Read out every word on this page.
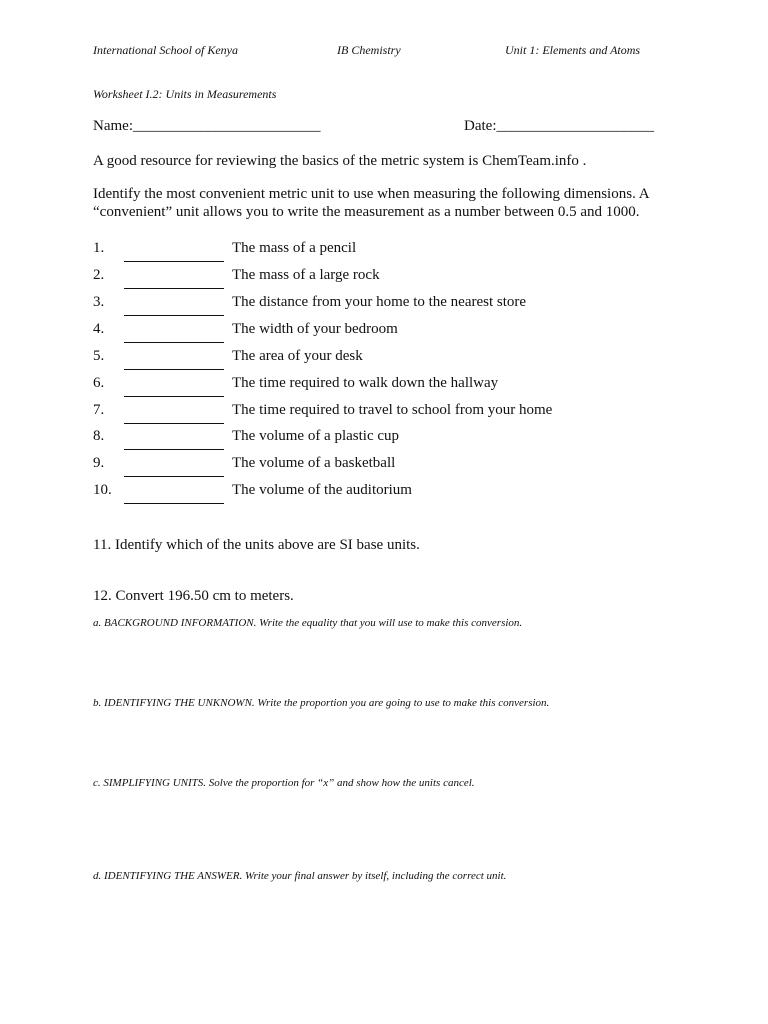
International School of Kenya	IB Chemistry	Unit 1: Elements and Atoms
Worksheet I.2: Units in Measurements
Name:_________________________	Date:_____________________
A good resource for reviewing the basics of the metric system is ChemTeam.info .
Identify the most convenient metric unit to use when measuring the following dimensions. A
“convenient” unit allows you to write the measurement as a number between 0.5 and 1000.
1.	The mass of a pencil
2.	The mass of a large rock
3.	The distance from your home to the nearest store
4.	The width of your bedroom
5.	The area of your desk
6.	The time required to walk down the hallway
7.	The time required to travel to school from your home
8.	The volume of a plastic cup
9.	The volume of a basketball
10.	The volume of the auditorium
11. Identify which of the units above are SI base units.
12. Convert 196.50 cm to meters.
a. BACKGROUND INFORMATION. Write the equality that you will use to make this conversion.
b. IDENTIFYING THE UNKNOWN. Write the proportion you are going to use to make this conversion.
c. SIMPLIFYING UNITS. Solve the proportion for “x” and show how the units cancel.
d. IDENTIFYING THE ANSWER. Write your final answer by itself, including the correct unit.
